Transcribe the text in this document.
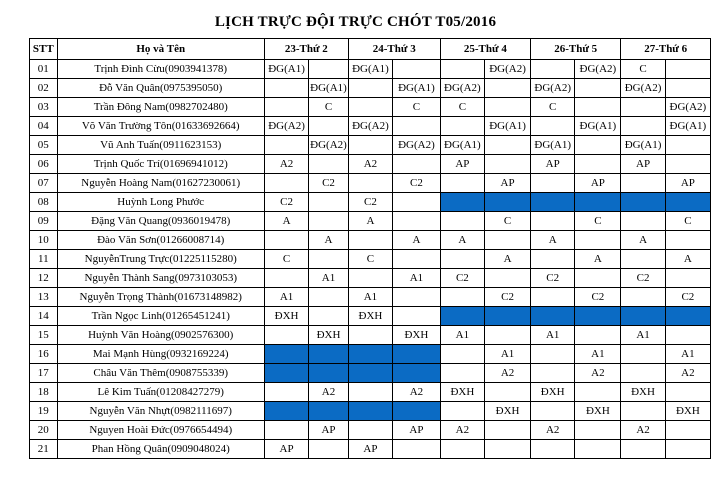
LỊCH TRỰC ĐỘI TRỰC CHÓT T05/2016
STT	Họ và Tên	23-Thứ 2		24-Thứ 3		25-Thứ 4		26-Thứ 5		27-Thứ 6	
01	Trịnh Đình Cừu(0903941378)	ĐG(A1)		ĐG(A1)			ĐG(A2)		ĐG(A2)	C	
02	Đỗ Văn Quân(0975395050)		ĐG(A1)		ĐG(A1)	ĐG(A2)		ĐG(A2)		ĐG(A2)	
03	Trần Đông Nam(0982702480)		C		C	C		C			ĐG(A2)
04	Võ Văn Trường Tôn(01633692664)	ĐG(A2)		ĐG(A2)			ĐG(A1)		ĐG(A1)		ĐG(A1)
05	Vũ Anh Tuấn(0911623153)		ĐG(A2)		ĐG(A2)	ĐG(A1)		ĐG(A1)		ĐG(A1)	
06	Trịnh Quốc Trí(01696941012)	A2		A2		AP		AP		AP	
07	Nguyễn Hoàng Nam(01627230061)		C2		C2		AP		AP		AP
08	Huỳnh Long Phước	C2		C2							
09	Đặng Văn Quang(0936019478)	A		A			C		C		C
10	Đào Văn Sơn(01266008714)		A		A	A		A		A	
11	NguyễnTrung Trực(01225115280)	C		C			A		A		A
12	Nguyễn Thành Sang(0973103053)		A1		A1	C2		C2		C2	
13	Nguyễn Trọng Thành(01673148982)	A1		A1			C2		C2		C2
14	Trần Ngọc Linh(01265451241)	ĐXH		ĐXH							
15	Huỳnh Văn Hoàng(0902576300)		ĐXH		ĐXH	A1		A1		A1	
16	Mai Mạnh Hùng(0932169224)						A1		A1		A1
17	Châu Văn Thêm(0908755339)						A2		A2		A2
18	Lê Kim Tuấn(01208427279)		A2		A2	ĐXH		ĐXH		ĐXH	
19	Nguyễn Văn Nhựt(0982111697)						ĐXH		ĐXH		ĐXH
20	Nguyen Hoài Đức(0976654494)		AP		AP	A2		A2		A2	
21	Phan Hồng Quân(0909048024)	AP		AP							
